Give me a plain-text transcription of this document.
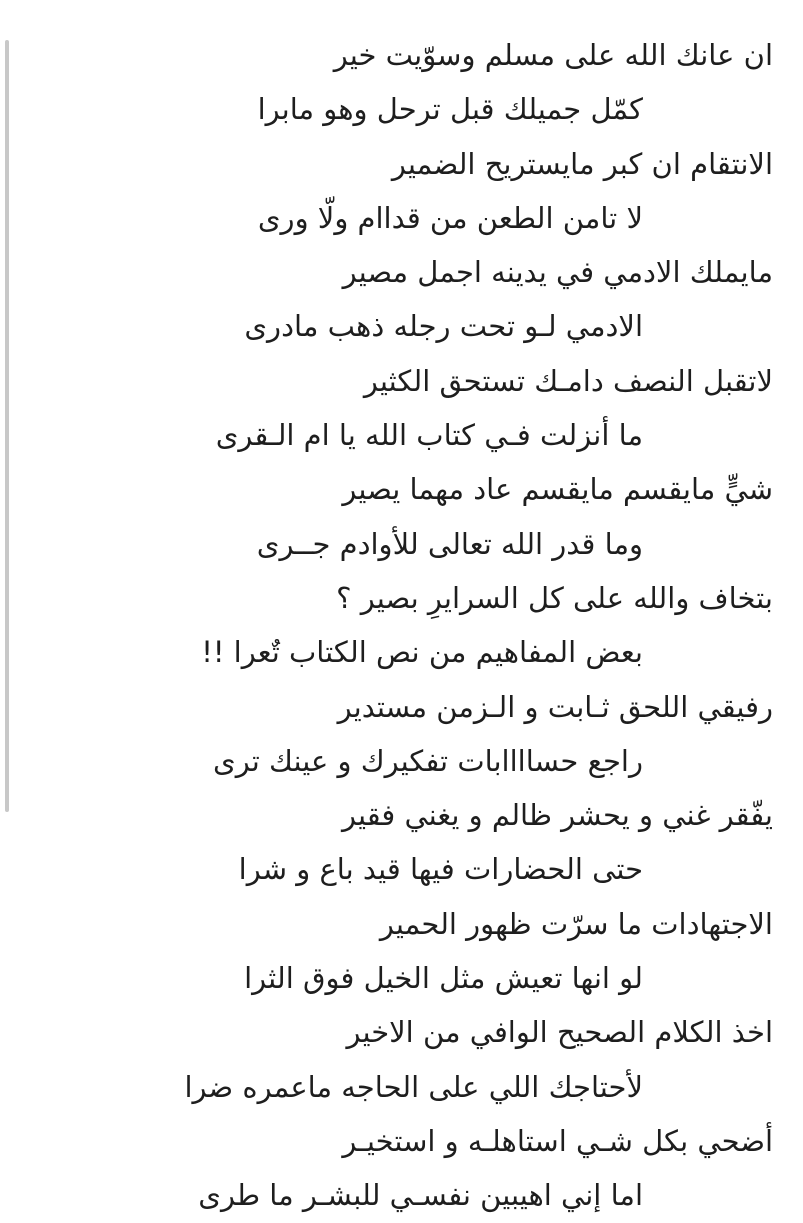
ان عانك الله على مسلم وسوّيت خير
كمّل جميلك قبل ترحل وهو مابرا
الانتقام ان كبر مايستريح الضمير
لا تامن الطعن من قداام ولّا ورى
مايملك الادمي في يدينه اجمل مصير
الادمي لـو تحت رجله ذهب مادرى
لاتقبل النصف دامـك تستحق الكثير
ما أنزلت فـي كتاب الله يا ام الـقرى
شيٍّ مايقسم مايقسم عاد مهما يصير
وما قدر الله تعالى للأوادم جــرى
بتخاف والله على كل السرايرِ بصير ؟
بعض المفاهيم من نص الكتاب تٌعرا !!
رفيقي اللحق ثـابت و الـزمن مستدير
راجع حساااابات تفكيرك و عينك ترى
يفّقر غني و يحشر ظالم و يغني فقير
حتى الحضارات فيها قيد باع و شرا
الاجتهادات ما سرّت ظهور الحمير
لو انها تعيش مثل الخيل فوق الثرا
اخذ الكلام الصحيح الوافي من الاخير
لأحتاجك اللي على الحاجه ماعمره ضرا
أضحي بكل شـي استاهلـه و استخيـر
اما إني اهيبين نفسـي للبشـر ما طرى
